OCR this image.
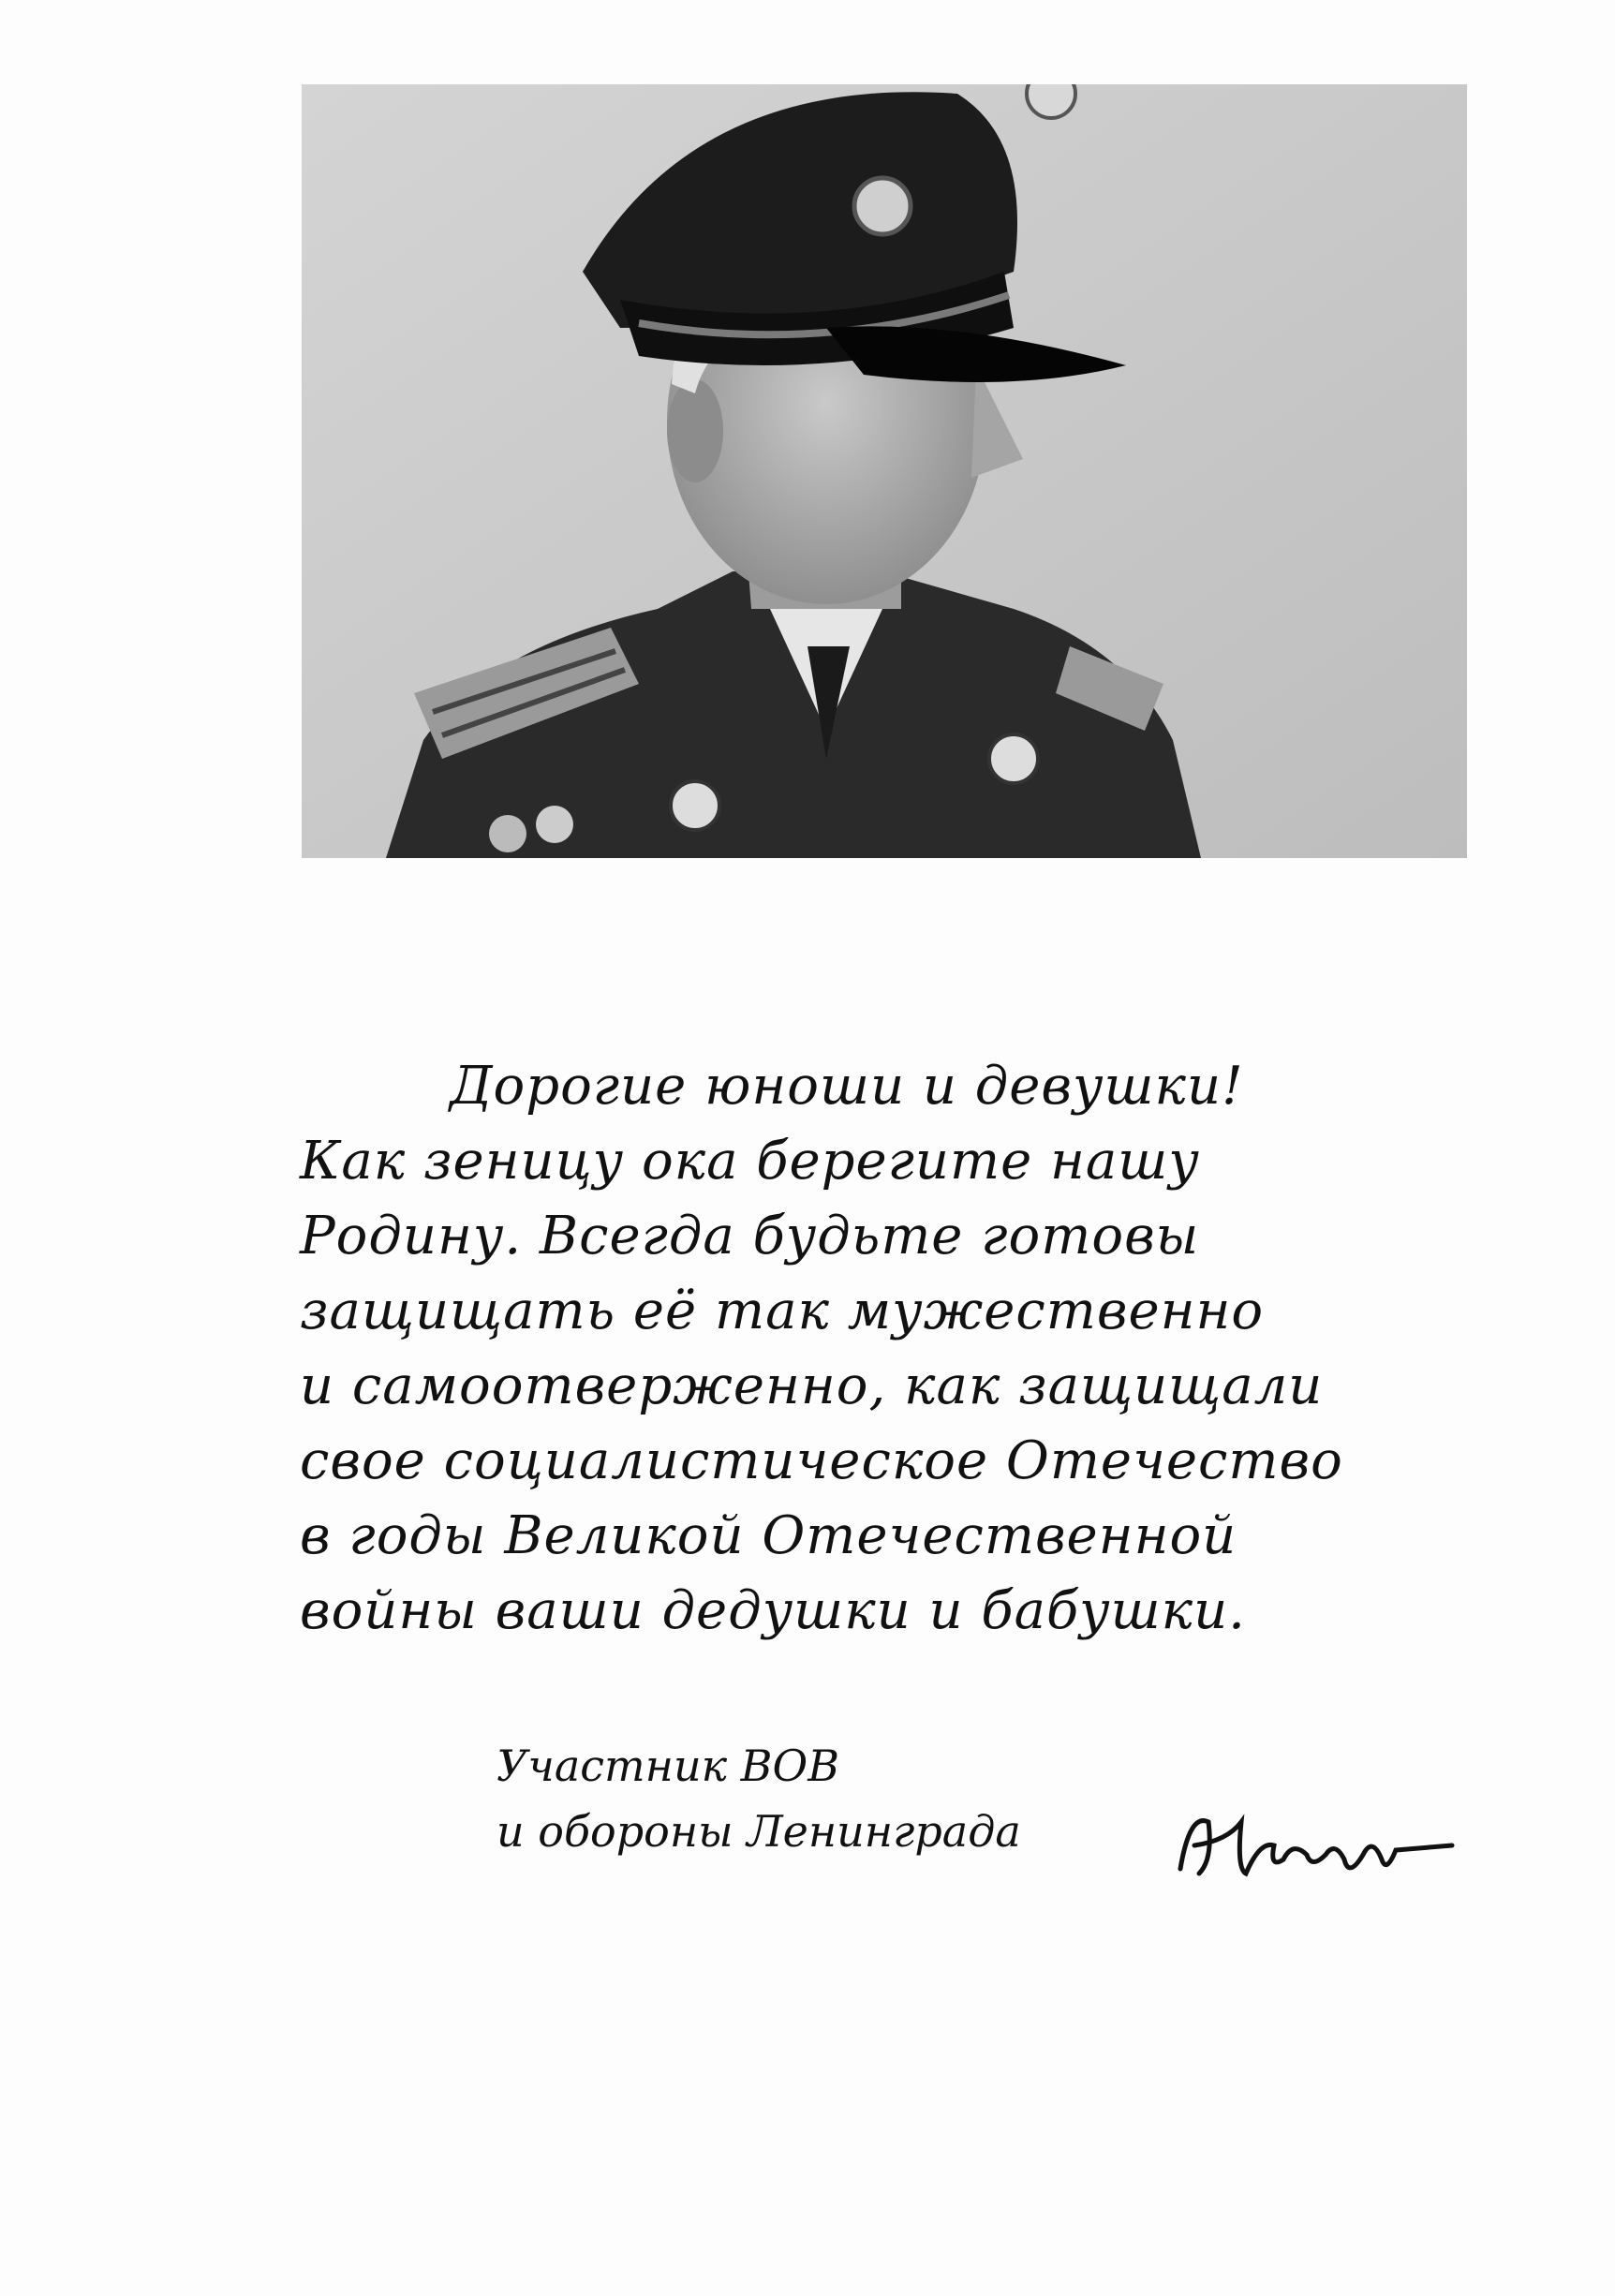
Дорогие юноши и девушки!
Как зеницу ока берегите нашу
Родину. Всегда будьте готовы
защищать её так мужественно
и самоотверженно, как защищали
свое социалистическое Отечество
в годы Великой Отечественной
войны ваши дедушки и бабушки.
Участник ВОВ
и обороны Ленинграда
